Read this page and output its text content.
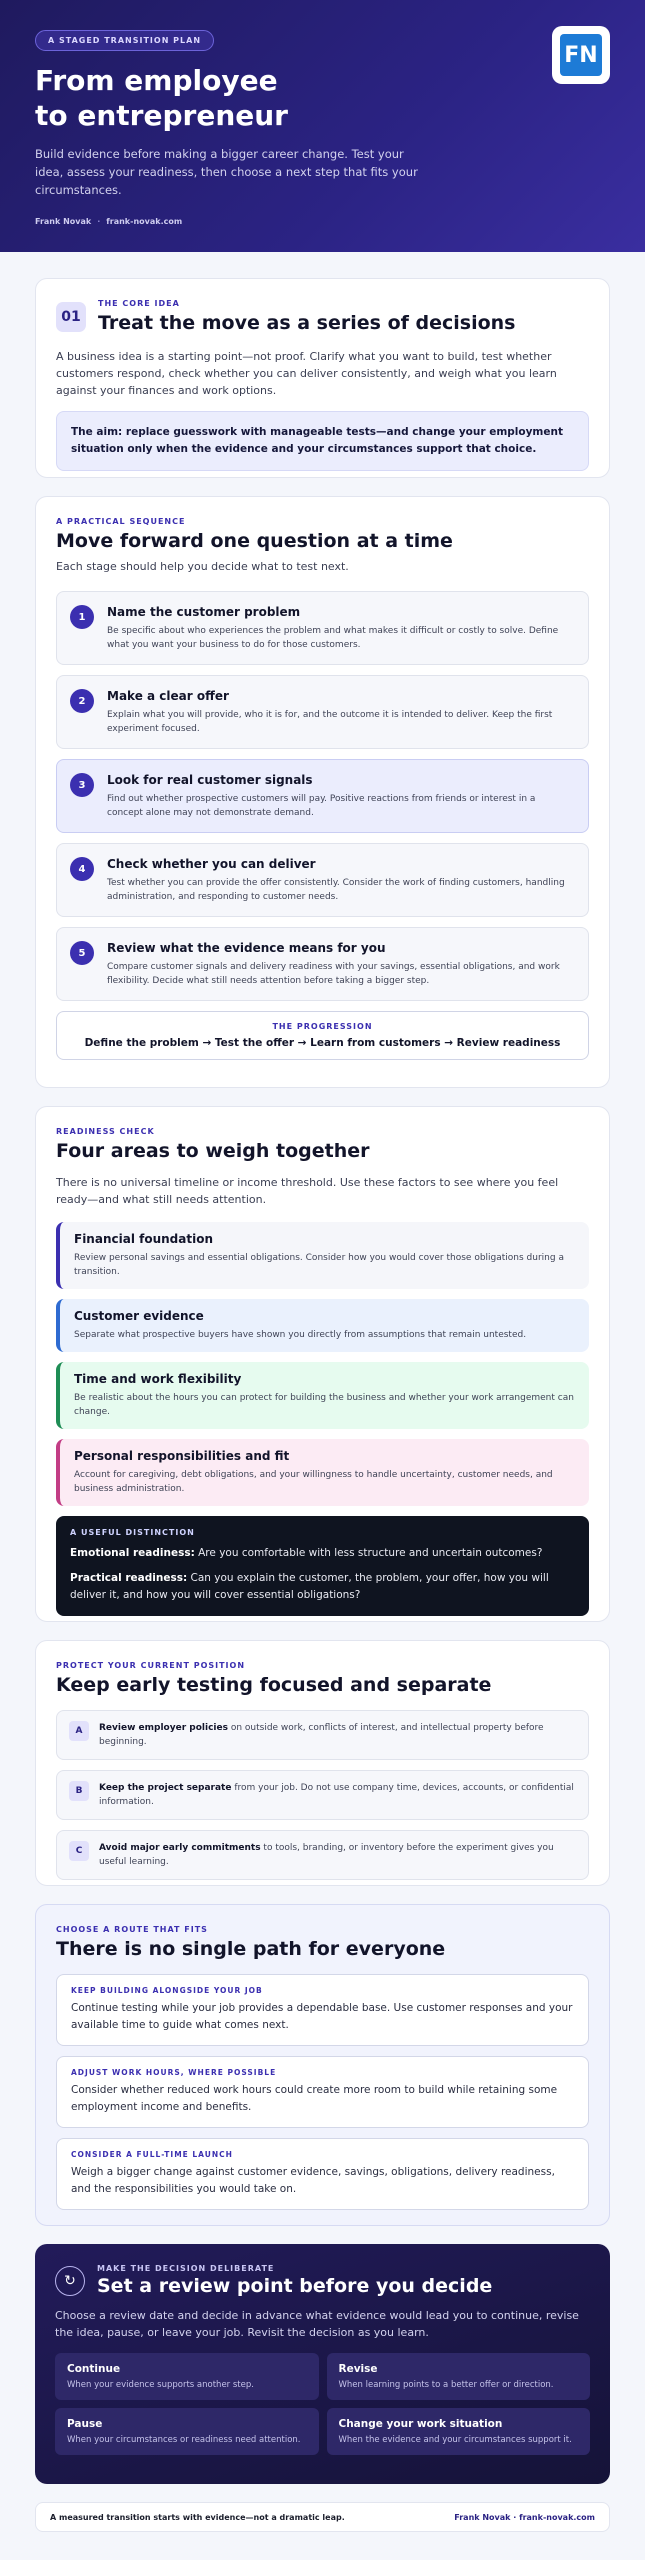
A STAGED TRANSITION PLAN
From employee
to entrepreneur

Build evidence before making a bigger career change. Test your idea, assess your readiness, then choose a next step that fits your circumstances.

Frank Novak · frank-novak.com
FN
01
THE CORE IDEA
Treat the move as a series of decisions

A business idea is a starting point—not proof. Clarify what you want to build, test whether customers respond, check whether you can deliver consistently, and weigh what you learn against your finances and work options.

The aim: replace guesswork with manageable tests—and change your employment situation only when the evidence and your circumstances support that choice.
A PRACTICAL SEQUENCE
Move forward one question at a time

Each stage should help you decide what to test next.

1	Name the customer problem
Be specific about who experiences the problem and what makes it difficult or costly to solve. Define what you want your business to do for those customers.
2	Make a clear offer
Explain what you will provide, who it is for, and the outcome it is intended to deliver. Keep the first experiment focused.
3	Look for real customer signals
Find out whether prospective customers will pay. Positive reactions from friends or interest in a concept alone may not demonstrate demand.
4	Check whether you can deliver
Test whether you can provide the offer consistently. Consider the work of finding customers, handling administration, and responding to customer needs.
5	Review what the evidence means for you
Compare customer signals and delivery readiness with your savings, essential obligations, and work flexibility. Decide what still needs attention before taking a bigger step.
THE PROGRESSION
Define the problem → Test the offer → Learn from customers → Review readiness
READINESS CHECK
Four areas to weigh together

There is no universal timeline or income threshold. Use these factors to see where you feel ready—and what still needs attention.

Financial foundation
Review personal savings and essential obligations. Consider how you would cover those obligations during a transition.
Customer evidence
Separate what prospective buyers have shown you directly from assumptions that remain untested.
Time and work flexibility
Be realistic about the hours you can protect for building the business and whether your work arrangement can change.
Personal responsibilities and fit
Account for caregiving, debt obligations, and your willingness to handle uncertainty, customer needs, and business administration.
A USEFUL DISTINCTION
Emotional readiness: Are you comfortable with less structure and uncertain outcomes?
Practical readiness: Can you explain the customer, the problem, your offer, how you will deliver it, and how you will cover essential obligations?
PROTECT YOUR CURRENT POSITION
Keep early testing focused and separate
A	Review employer policies on outside work, conflicts of interest, and intellectual property before beginning.
B	Keep the project separate from your job. Do not use company time, devices, accounts, or confidential information.
C	Avoid major early commitments to tools, branding, or inventory before the experiment gives you useful learning.
CHOOSE A ROUTE THAT FITS
There is no single path for everyone
KEEP BUILDING ALONGSIDE YOUR JOB
Continue testing while your job provides a dependable base. Use customer responses and your available time to guide what comes next.
ADJUST WORK HOURS, WHERE POSSIBLE
Consider whether reduced work hours could create more room to build while retaining some employment income and benefits.
CONSIDER A FULL-TIME LAUNCH
Weigh a bigger change against customer evidence, savings, obligations, delivery readiness, and the responsibilities you would take on.
↻
MAKE THE DECISION DELIBERATE
Set a review point before you decide

Choose a review date and decide in advance what evidence would lead you to continue, revise the idea, pause, or leave your job. Revisit the decision as you learn.

Continue
When your evidence supports another step.
Revise
When learning points to a better offer or direction.
Pause
When your circumstances or readiness need attention.
Change your work situation
When the evidence and your circumstances support it.
A measured transition starts with evidence—not a dramatic leap.	Frank Novak · frank-novak.com
